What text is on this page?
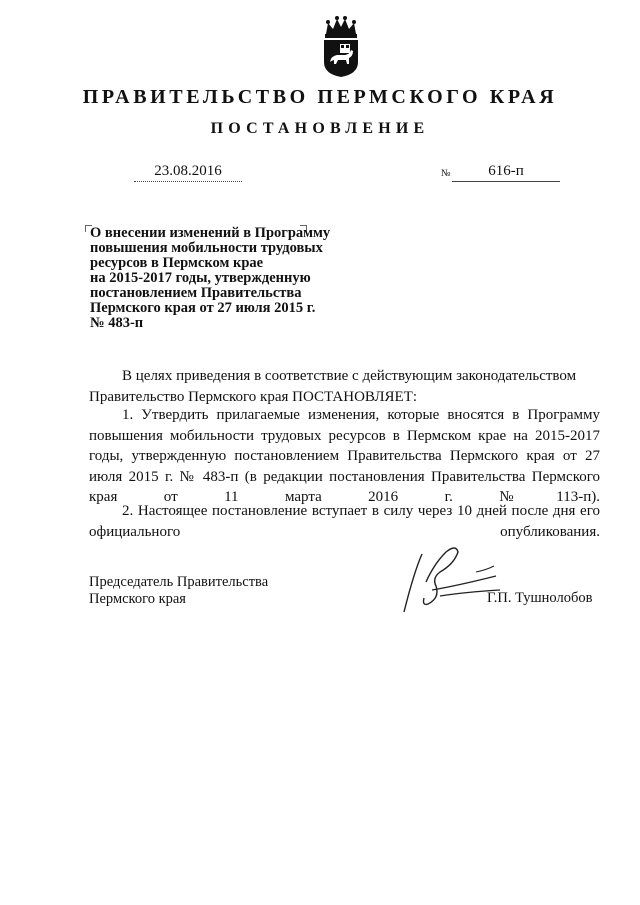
ПРАВИТЕЛЬСТВО ПЕРМСКОГО КРАЯ
ПОСТАНОВЛЕНИЕ
23.08.2016	№	616-п
О внесении изменений в Программу
повышения мобильности трудовых
ресурсов в Пермском крае
на 2015-2017 годы, утвержденную
постановлением Правительства
Пермского края от 27 июля 2015 г.
№ 483-п
В целях приведения в соответствие с действующим законодательством
Правительство Пермского края ПОСТАНОВЛЯЕТ:
1. Утвердить прилагаемые изменения, которые вносятся в Программу повышения мобильности трудовых ресурсов в Пермском крае на 2015-2017 годы, утвержденную постановлением Правительства Пермского края от 27 июля 2015 г. № 483-п (в редакции постановления Правительства Пермского края от 11 марта 2016 г. №113-п).
2. Настоящее постановление вступает в силу через 10 дней после дня его официального опубликования.
Председатель Правительства
Пермского края	Г.П. Тушнолобов
